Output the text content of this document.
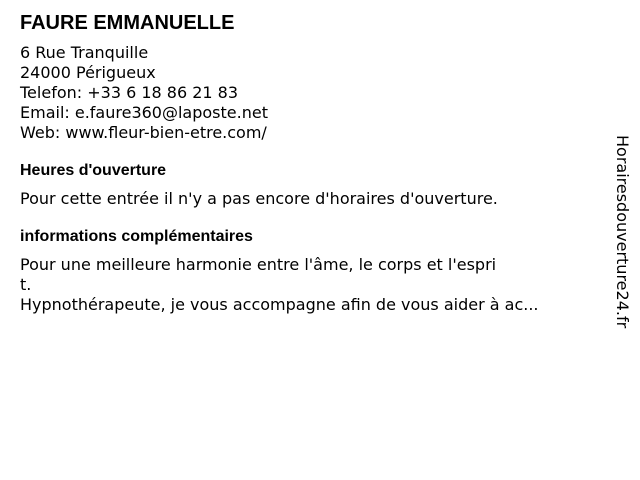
FAURE EMMANUELLE
6 Rue Tranquille
24000 Périgueux
Telefon: +33 6 18 86 21 83
Email: e.faure360@laposte.net
Web: www.fleur-bien-etre.com/
Heures d'ouverture
Pour cette entrée il n'y a pas encore d'horaires d'ouverture.
informations complémentaires
Pour une meilleure harmonie entre l'âme, le corps et l'espri
t.
Hypnothérapeute, je vous accompagne afin de vous aider à ac...	Horairesdouverture24.fr
